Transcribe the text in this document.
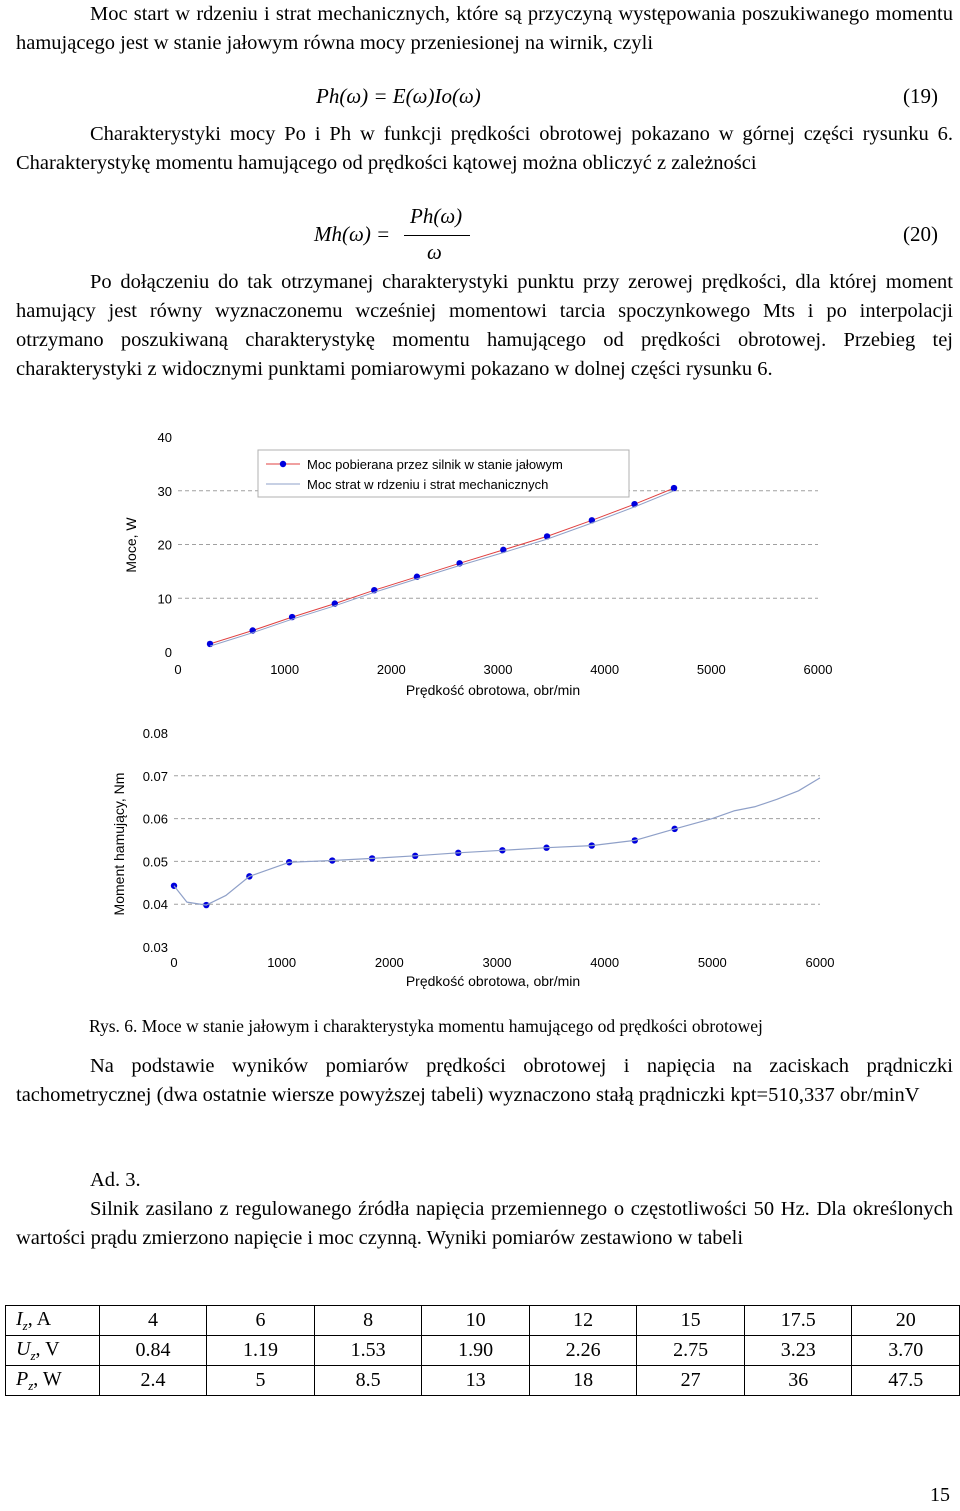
Moc start w rdzeniu i strat mechanicznych, które są przyczyną występowania poszukiwanego momentu hamującego jest w stanie jałowym równa mocy przeniesionej na wirnik, czyli

Ph(ω) = E(ω)Io(ω)	(19)

Charakterystyki mocy Po i Ph w funkcji prędkości obrotowej pokazano w górnej części rysunku 6. Charakterystykę momentu hamującego od prędkości kątowej można obliczyć z zależności

Mh(ω) =
Ph(ω)
ω
(20)

Po dołączeniu do tak otrzymanej charakterystyki punktu przy zerowej prędkości, dla której moment hamujący jest równy wyznaczonemu wcześniej momentowi tarcia spoczynkowego Mts i po interpolacji otrzymano poszukiwaną charakterystykę momentu hamującego od prędkości obrotowej. Przebieg tej charakterystyki z widocznymi punktami pomiarowymi pokazano w dolnej części rysunku 6.

0
10
20
30
40
0	1000	2000	3000	4000	5000	6000
Prędkość obrotowa, obr/min
Moce, W
Moc pobierana przez silnik w stanie jałowym
Moc strat w rdzeniu i strat mechanicznych
0.03
0.04
0.05
0.06
0.07
0.08
0	1000	2000	3000	4000	5000	6000
Prędkość obrotowa, obr/min
Moment hamujący, Nm
Rys. 6. Moce w stanie jałowym i charakterystyka momentu hamującego od prędkości obrotowej

Na podstawie wyników pomiarów prędkości obrotowej i napięcia na zaciskach prądniczki tachometrycznej (dwa ostatnie wiersze powyższej tabeli) wyznaczono stałą prądniczki kpt=510,337 obr/minV

Ad. 3.

Silnik zasilano z regulowanego źródła napięcia przemiennego o częstotliwości 50 Hz. Dla określonych wartości prądu zmierzono napięcie i moc czynną. Wyniki pomiarów zestawiono w tabeli

$I_z$, A	4	6	8	10	12	15	17.5	20
$U_z$, V	0.84	1.19	1.53	1.90	2.26	2.75	3.23	3.70
$P_z$, W	2.4	5	8.5	13	18	27	36	47.5
15
